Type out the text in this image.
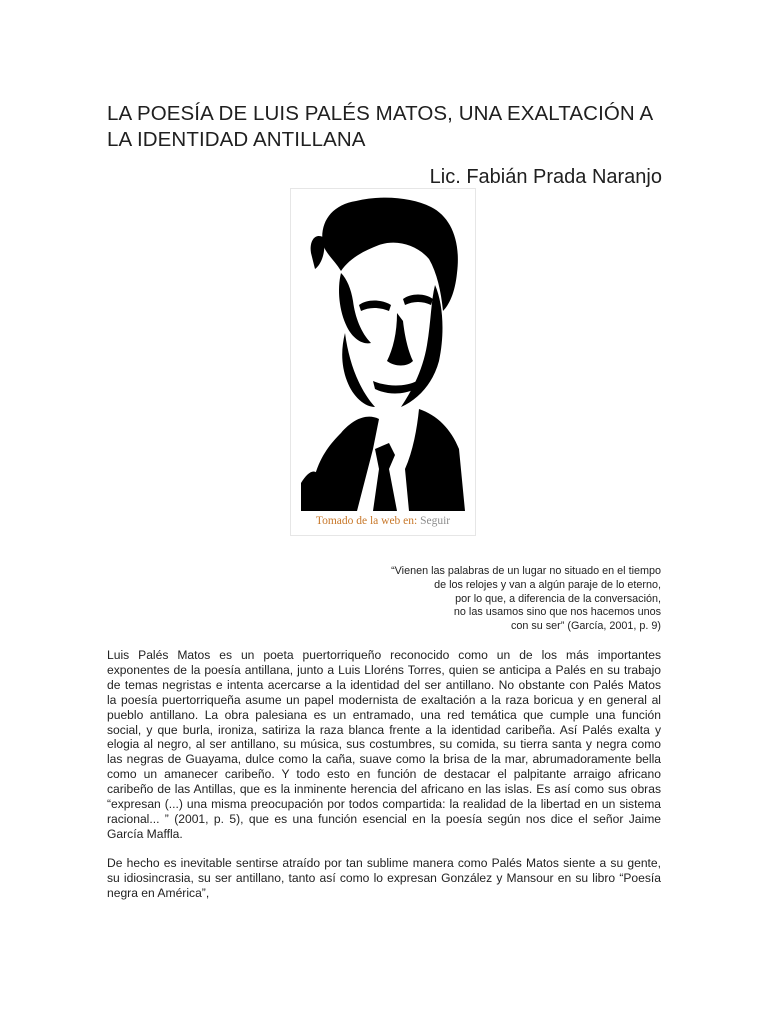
LA POESÍA DE LUIS PALÉS MATOS, UNA EXALTACIÓN A LA IDENTIDAD ANTILLANA
Lic. Fabián Prada Naranjo
Tomado de la web en: Seguir
“Vienen las palabras de un lugar no situado en el tiempo
de los relojes y van a algún paraje de lo eterno,
por lo que, a diferencia de la conversación,
no las usamos sino que nos hacemos unos
con su ser” (García, 2001, p. 9)
Luis Palés Matos es un poeta puertorriqueño reconocido como un de los más importantes
exponentes de la poesía antillana, junto a Luis Lloréns Torres, quien se anticipa a Palés en su trabajo
de temas negristas e intenta acercarse a la identidad del ser antillano. No obstante con Palés Matos
la poesía puertorriqueña asume un papel modernista de exaltación a la raza boricua y en general al
pueblo antillano. La obra palesiana es un entramado, una red temática que cumple una función
social, y que burla, ironiza, satiriza la raza blanca frente a la identidad caribeña. Así Palés exalta y
elogia al negro, al ser antillano, su música, sus costumbres, su comida, su tierra santa y negra como
las negras de Guayama, dulce como la caña, suave como la brisa de la mar, abrumadoramente bella
como un amanecer caribeño. Y todo esto en función de destacar el palpitante arraigo africano
caribeño de las Antillas, que es la inminente herencia del africano en las islas. Es así como sus obras
“expresan (...) una misma preocupación por todos compartida: la realidad de la libertad en un sistema
racional... ” (2001, p. 5), que es una función esencial en la poesía según nos dice el señor Jaime
García Maffla.
De hecho es inevitable sentirse atraído por tan sublime manera como Palés Matos siente a su gente,
su idiosincrasia, su ser antillano, tanto así como lo expresan González y Mansour en su libro “Poesía
negra en América”,
